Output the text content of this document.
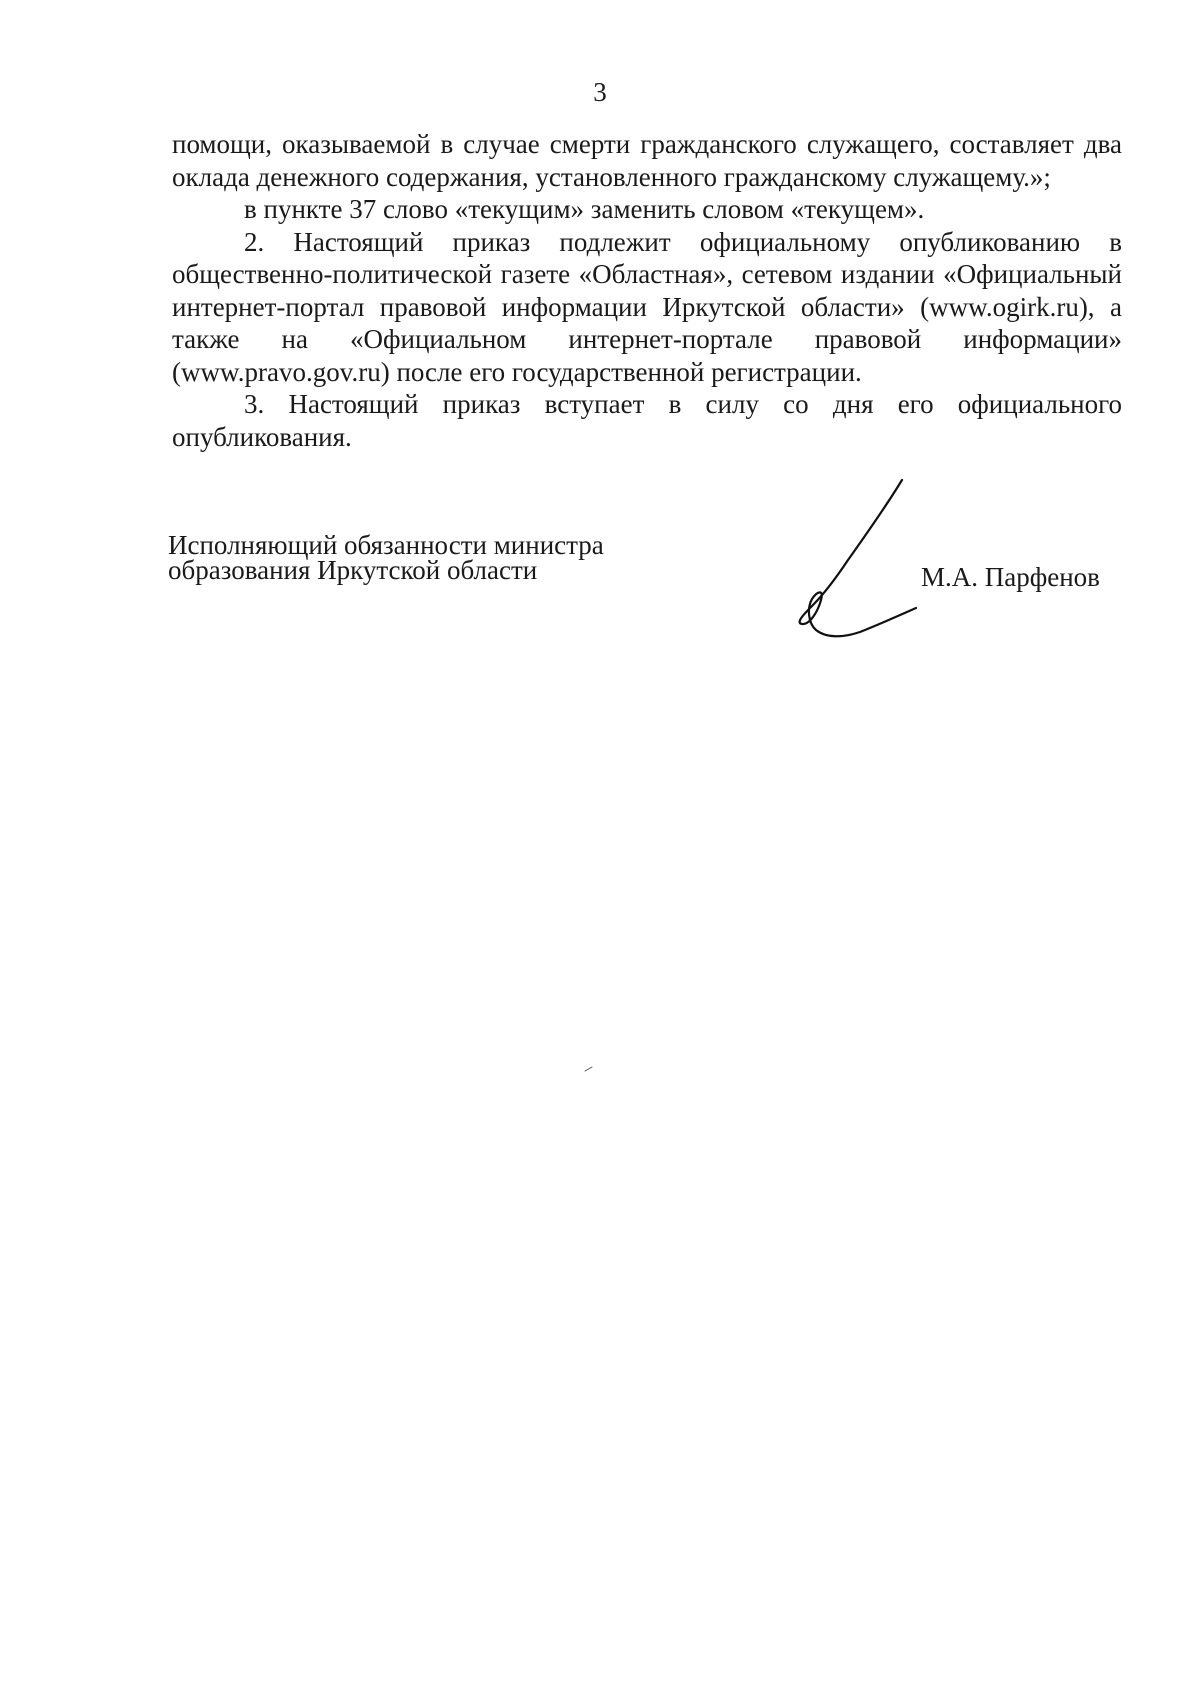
3

помощи, оказываемой в случае смерти гражданского служащего, составляет два оклада денежного содержания, установленного гражданскому служащему.»;

в пункте 37 слово «текущим» заменить словом «текущем».

2. Настоящий приказ подлежит официальному опубликованию в общественно-политической газете «Областная», сетевом издании «Официальный интернет-портал правовой информации Иркутской области» (www.ogirk.ru), а также на «Официальном интернет-портале правовой информации» (www.pravo.gov.ru) после его государственной регистрации.

3. Настоящий приказ вступает в силу со дня его официального опубликования.

Исполняющий обязанности министра
образования Иркутской области	М.А. Парфенов
